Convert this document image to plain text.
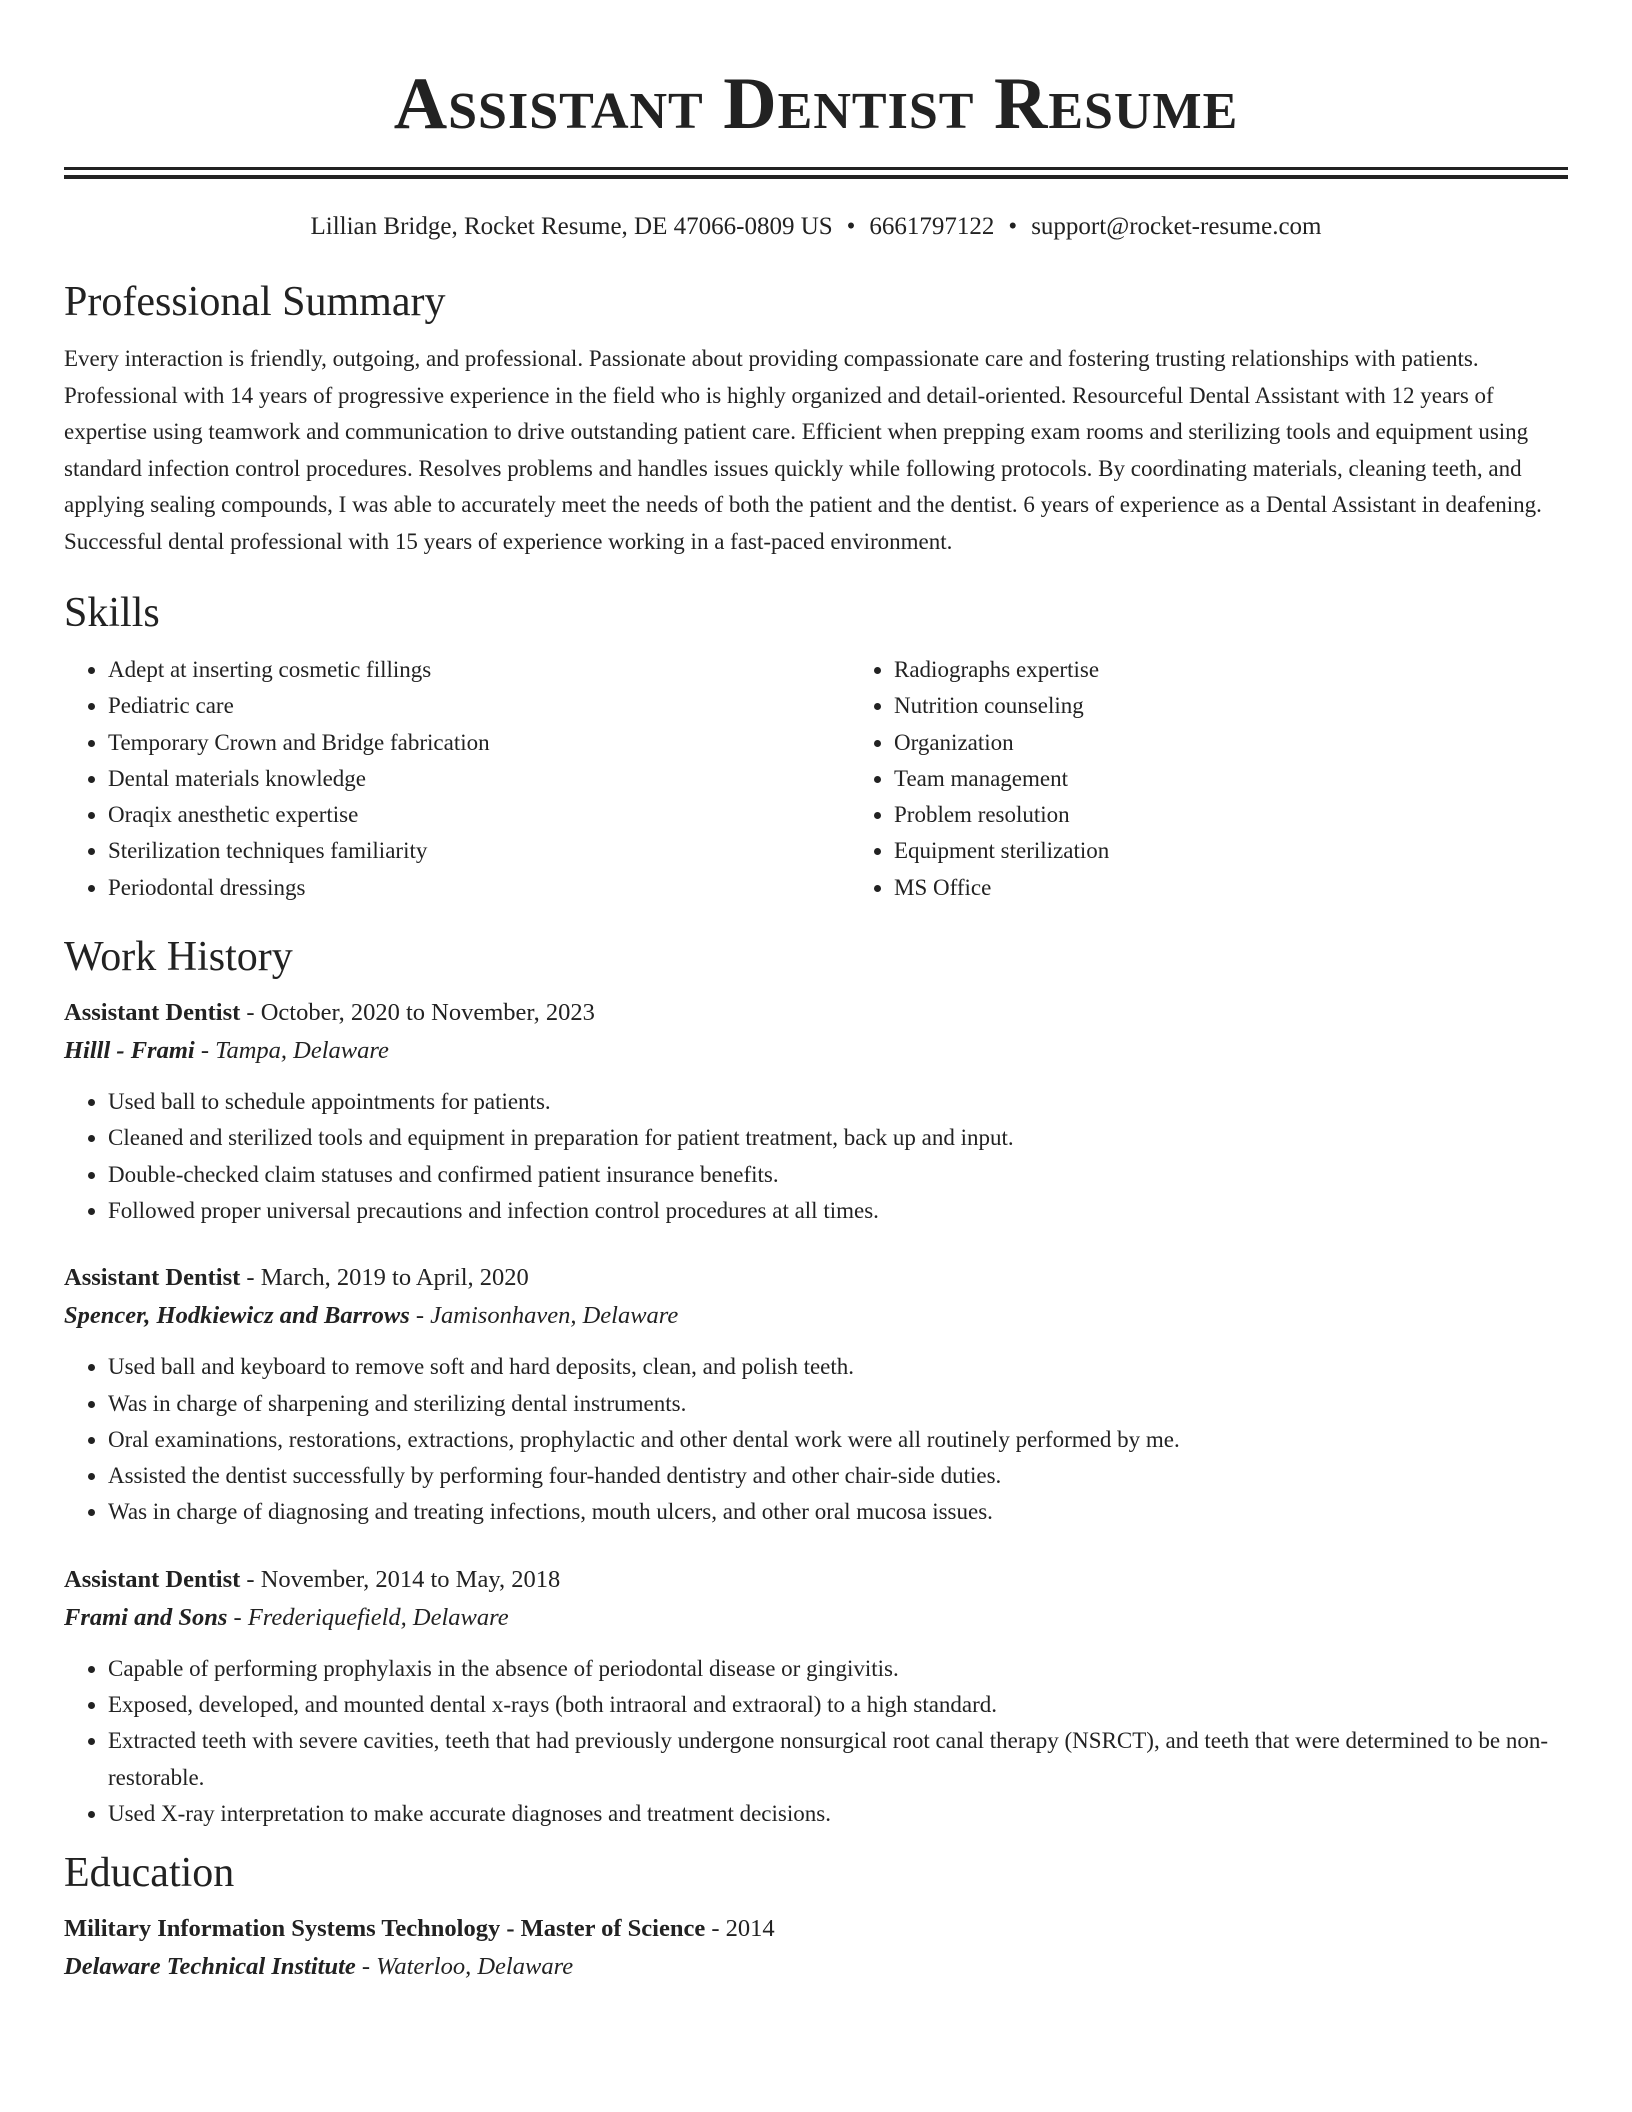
Assistant Dentist Resume
Lillian Bridge, Rocket Resume, DE 47066-0809 US • 6661797122 • support@rocket-resume.com
Professional Summary

Every interaction is friendly, outgoing, and professional. Passionate about providing compassionate care and fostering trusting relationships with patients. Professional with 14 years of progressive experience in the field who is highly organized and detail-oriented. Resourceful Dental Assistant with 12 years of expertise using teamwork and communication to drive outstanding patient care. Efficient when prepping exam rooms and sterilizing tools and equipment using standard infection control procedures. Resolves problems and handles issues quickly while following protocols. By coordinating materials, cleaning teeth, and applying sealing compounds, I was able to accurately meet the needs of both the patient and the dentist. 6 years of experience as a Dental Assistant in deafening. Successful dental professional with 15 years of experience working in a fast-paced environment.

Skills
• Adept at inserting cosmetic fillings
• Pediatric care
• Temporary Crown and Bridge fabrication
• Dental materials knowledge
• Oraqix anesthetic expertise
• Sterilization techniques familiarity
• Periodontal dressings
• Radiographs expertise
• Nutrition counseling
• Organization
• Team management
• Problem resolution
• Equipment sterilization
• MS Office
Work History
Assistant Dentist - October, 2020 to November, 2023
Hilll - Frami - Tampa, Delaware
• Used ball to schedule appointments for patients.
• Cleaned and sterilized tools and equipment in preparation for patient treatment, back up and input.
• Double-checked claim statuses and confirmed patient insurance benefits.
• Followed proper universal precautions and infection control procedures at all times.
Assistant Dentist - March, 2019 to April, 2020
Spencer, Hodkiewicz and Barrows - Jamisonhaven, Delaware
• Used ball and keyboard to remove soft and hard deposits, clean, and polish teeth.
• Was in charge of sharpening and sterilizing dental instruments.
• Oral examinations, restorations, extractions, prophylactic and other dental work were all routinely performed by me.
• Assisted the dentist successfully by performing four-handed dentistry and other chair-side duties.
• Was in charge of diagnosing and treating infections, mouth ulcers, and other oral mucosa issues.
Assistant Dentist - November, 2014 to May, 2018
Frami and Sons - Frederiquefield, Delaware
• Capable of performing prophylaxis in the absence of periodontal disease or gingivitis.
• Exposed, developed, and mounted dental x-rays (both intraoral and extraoral) to a high standard.
• Extracted teeth with severe cavities, teeth that had previously undergone nonsurgical root canal therapy (NSRCT), and teeth that were determined to be non-restorable.
• Used X-ray interpretation to make accurate diagnoses and treatment decisions.
Education
Military Information Systems Technology - Master of Science - 2014
Delaware Technical Institute - Waterloo, Delaware
